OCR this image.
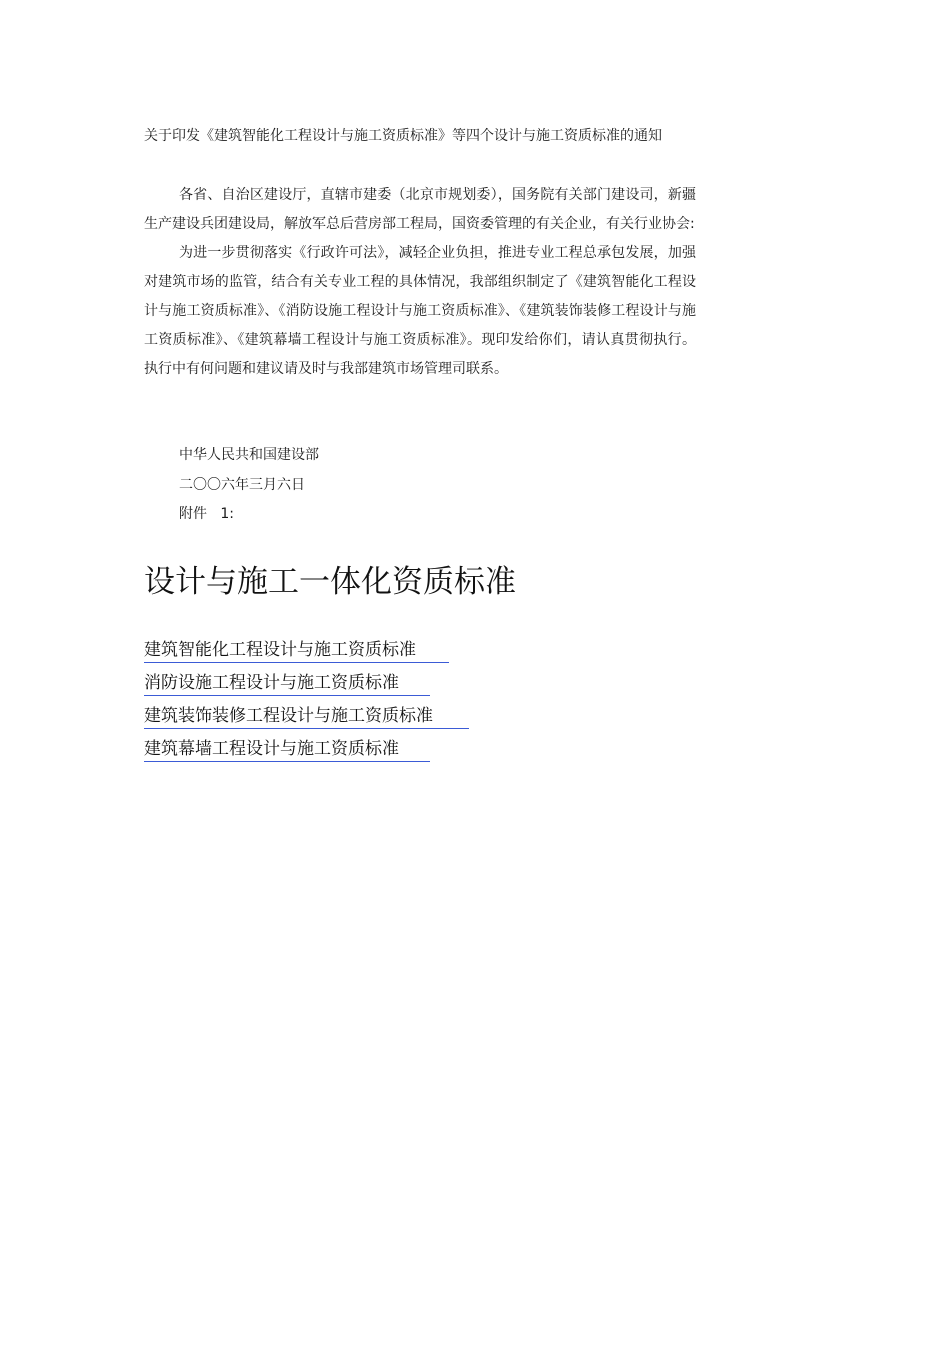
关于印发《建筑智能化工程设计与施工资质标准》等四个设计与施工资质标准的通知

各省、自治区建设厅，直辖市建委（北京市规划委），国务院有关部门建设司，新疆生产建设兵团建设局，解放军总后营房部工程局，国资委管理的有关企业，有关行业协会:

为进一步贯彻落实《行政许可法》，减轻企业负担，推进专业工程总承包发展，加强对建筑市场的监管，结合有关专业工程的具体情况，我部组织制定了《建筑智能化工程设计与施工资质标准》、《消防设施工程设计与施工资质标准》、《建筑装饰装修工程设计与施工资质标准》、《建筑幕墙工程设计与施工资质标准》。现印发给你们，请认真贯彻执行。执行中有何问题和建议请及时与我部建筑市场管理司联系。

中华人民共和国建设部
二〇〇六年三月六日
附件   1:
设计与施工一体化资质标准
建筑智能化工程设计与施工资质标准
消防设施工程设计与施工资质标准
建筑装饰装修工程设计与施工资质标准
建筑幕墙工程设计与施工资质标准
